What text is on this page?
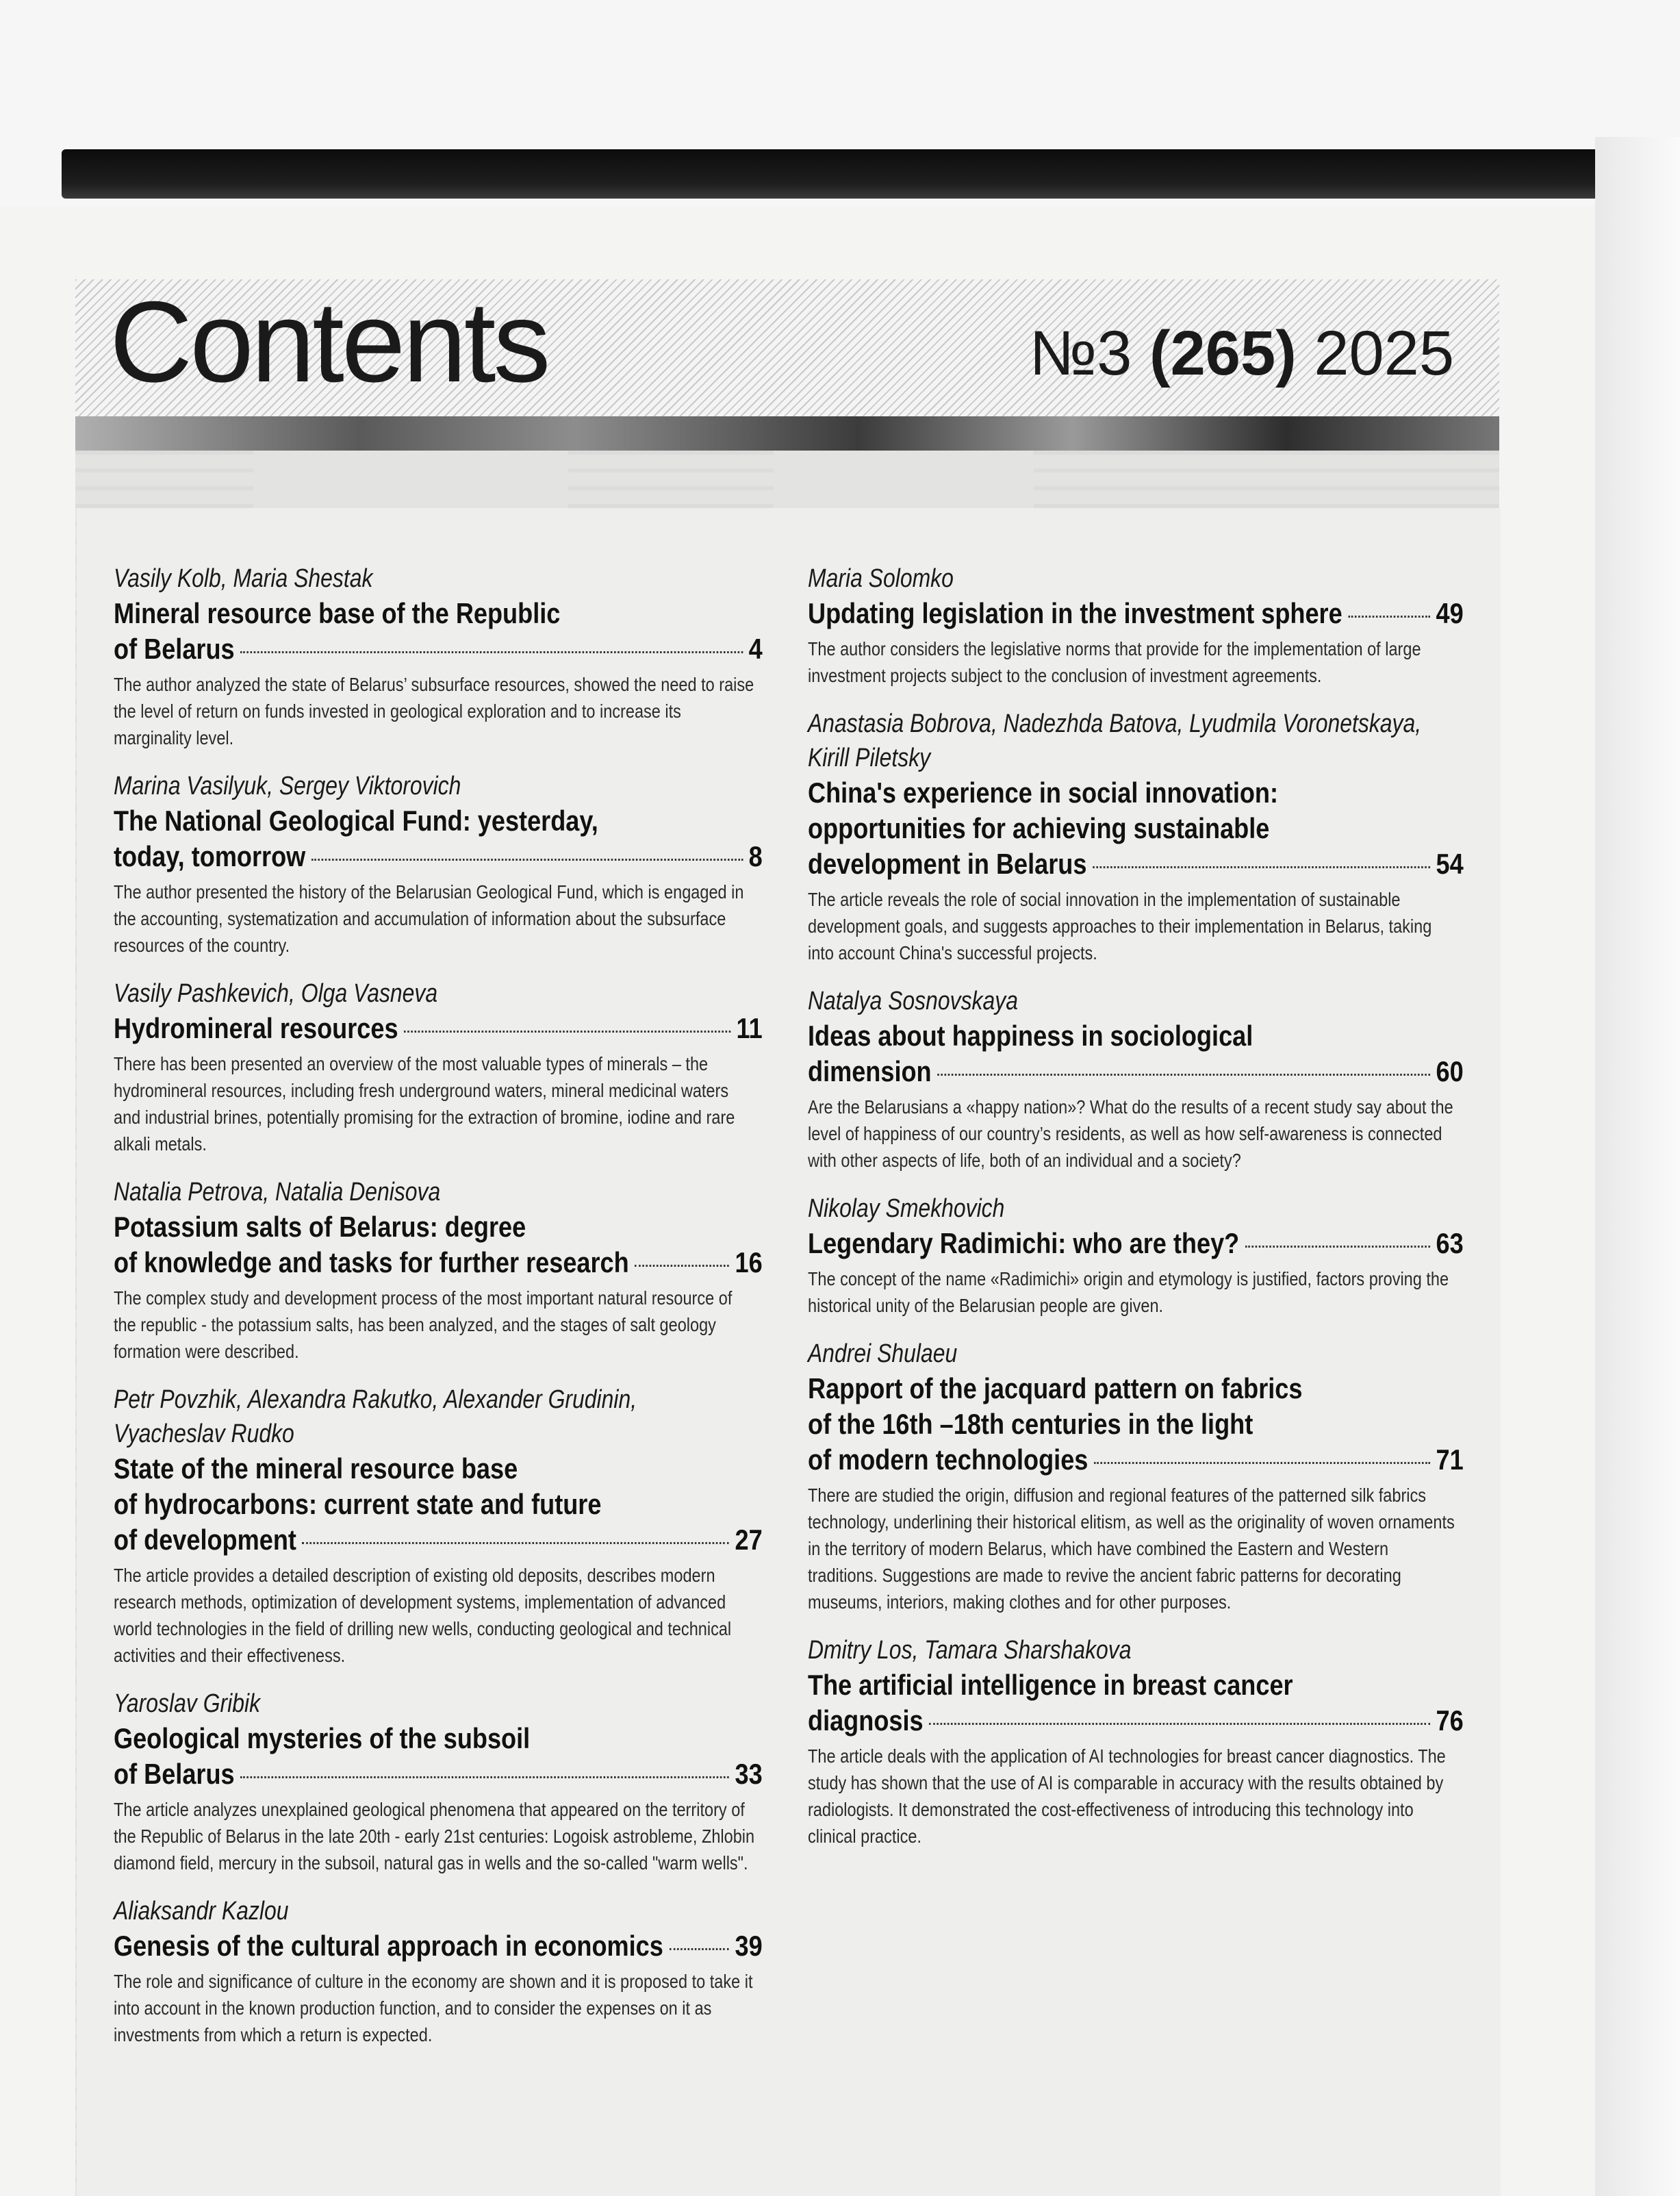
Contents	№3 (265) 2025
Vasily Kolb, Maria Shestak
Mineral resource base of the Republic
of Belarus	4
The author analyzed the state of Belarus’ subsurface resources, showed the need to raise the level of return on funds invested in geological exploration and to increase its marginality level.
Marina Vasilyuk, Sergey Viktorovich
The National Geological Fund: yesterday,
today, tomorrow	8
The author presented the history of the Belarusian Geological Fund, which is engaged in the accounting, systematization and accumulation of information about the subsurface resources of the country.
Vasily Pashkevich, Olga Vasneva
Hydromineral resources	11
There has been presented an overview of the most valuable types of minerals – the hydromineral resources, including fresh underground waters, mineral medicinal waters and industrial brines, potentially promising for the extraction of bromine, iodine and rare alkali metals.
Natalia Petrova, Natalia Denisova
Potassium salts of Belarus: degree
of knowledge and tasks for further research	16
The complex study and development process of the most important natural resource of the republic - the potassium salts, has been analyzed, and the stages of salt geology formation were described.
Petr Povzhik, Alexandra Rakutko, Alexander Grudinin,
Vyacheslav Rudko
State of the mineral resource base
of hydrocarbons: current state and future
of development	27
The article provides a detailed description of existing old deposits, describes modern research methods, optimization of development systems, implementation of advanced world technologies in the field of drilling new wells, conducting geological and technical activities and their effectiveness.
Yaroslav Gribik
Geological mysteries of the subsoil
of Belarus	33
The article analyzes unexplained geological phenomena that appeared on the territory of the Republic of Belarus in the late 20th - early 21st centuries: Logoisk astrobleme, Zhlobin diamond field, mercury in the subsoil, natural gas in wells and the so-called "warm wells".
Aliaksandr Kazlou
Genesis of the cultural approach in economics 39
The role and significance of culture in the economy are shown and it is proposed to take it into account in the known production function, and to consider the expenses on it as investments from which a return is expected.
Maria Solomko
Updating legislation in the investment sphere	49
The author considers the legislative norms that provide for the implementation of large investment projects subject to the conclusion of investment agreements.
Anastasia Bobrova, Nadezhda Batova, Lyudmila Voronetskaya,
Kirill Piletsky
China's experience in social innovation:
opportunities for achieving sustainable
development in Belarus	54
The article reveals the role of social innovation in the implementation of sustainable development goals, and suggests approaches to their implementation in Belarus, taking into account China's successful projects.
Natalya Sosnovskaya
Ideas about happiness in sociological
dimension	60
Are the Belarusians a «happy nation»? What do the results of a recent study say about the level of happiness of our country’s residents, as well as how self-awareness is connected with other aspects of life, both of an individual and a society?
Nikolay Smekhovich
Legendary Radimichi: who are they?	63
The concept of the name «Radimichi» origin and etymology is justified, factors proving the historical unity of the Belarusian people are given.
Andrei Shulaeu
Rapport of the jacquard pattern on fabrics
of the 16th –18th centuries in the light
of modern technologies	71
There are studied the origin, diffusion and regional features of the patterned silk fabrics technology, underlining their historical elitism, as well as the originality of woven ornaments in the territory of modern Belarus, which have combined the Eastern and Western traditions. Suggestions are made to revive the ancient fabric patterns for decorating museums, interiors, making clothes and for other purposes.
Dmitry Los, Tamara Sharshakova
The artificial intelligence in breast cancer
diagnosis	76
The article deals with the application of AI technologies for breast cancer diagnostics. The study has shown that the use of AI is comparable in accuracy with the results obtained by radiologists. It demonstrated the cost-effectiveness of introducing this technology into clinical practice.
